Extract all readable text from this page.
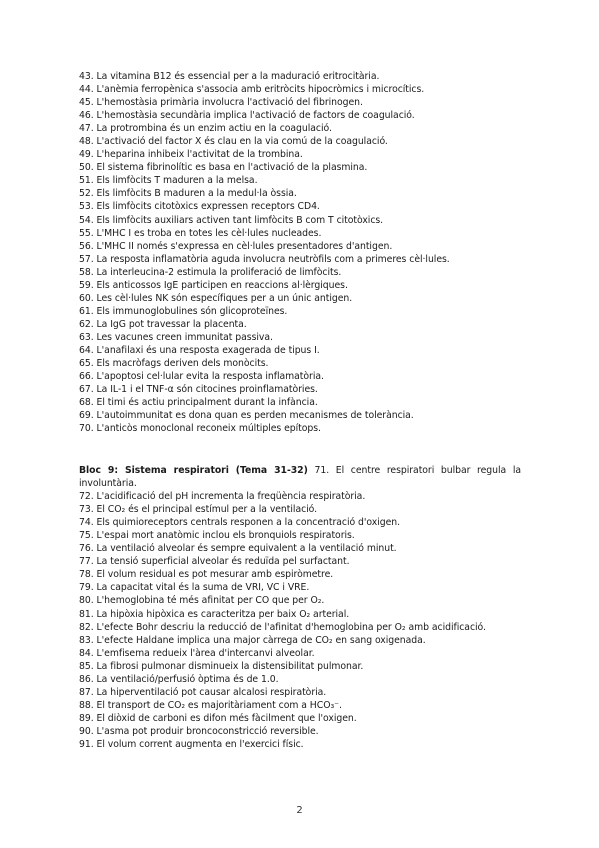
43. La vitamina B12 és essencial per a la maduració eritrocitària.
44. L'anèmia ferropènica s'associa amb eritròcits hipocròmics i microcítics.
45. L'hemostàsia primària involucra l'activació del fibrinogen.
46. L'hemostàsia secundària implica l'activació de factors de coagulació.
47. La protrombina és un enzim actiu en la coagulació.
48. L'activació del factor X és clau en la via comú de la coagulació.
49. L'heparina inhibeix l'activitat de la trombina.
50. El sistema fibrinolític es basa en l'activació de la plasmina.
51. Els limfòcits T maduren a la melsa.
52. Els limfòcits B maduren a la medul·la òssia.
53. Els limfòcits citotòxics expressen receptors CD4.
54. Els limfòcits auxiliars activen tant limfòcits B com T citotòxics.
55. L'MHC I es troba en totes les cèl·lules nucleades.
56. L'MHC II només s'expressa en cèl·lules presentadores d'antigen.
57. La resposta inflamatòria aguda involucra neutròfils com a primeres cèl·lules.
58. La interleucina-2 estimula la proliferació de limfòcits.
59. Els anticossos IgE participen en reaccions al·lèrgiques.
60. Les cèl·lules NK són específiques per a un únic antigen.
61. Els immunoglobulines són glicoproteïnes.
62. La IgG pot travessar la placenta.
63. Les vacunes creen immunitat passiva.
64. L'anafilaxi és una resposta exagerada de tipus I.
65. Els macròfags deriven dels monòcits.
66. L'apoptosi cel·lular evita la resposta inflamatòria.
67. La IL-1 i el TNF-α són citocines proinflamatòries.
68. El timi és actiu principalment durant la infància.
69. L'autoimmunitat es dona quan es perden mecanismes de tolerància.
70. L'anticòs monoclonal reconeix múltiples epítops.
Bloc 9: Sistema respiratori (Tema 31-32) 71. El centre respiratori bulbar regula la
involuntària.
72. L'acidificació del pH incrementa la freqüència respiratòria.
73. El CO₂ és el principal estímul per a la ventilació.
74. Els quimioreceptors centrals responen a la concentració d'oxigen.
75. L'espai mort anatòmic inclou els bronquiols respiratoris.
76. La ventilació alveolar és sempre equivalent a la ventilació minut.
77. La tensió superficial alveolar és reduïda pel surfactant.
78. El volum residual es pot mesurar amb espiròmetre.
79. La capacitat vital és la suma de VRI, VC i VRE.
80. L'hemoglobina té més afinitat per CO que per O₂.
81. La hipòxia hipòxica es caracteritza per baix O₂ arterial.
82. L'efecte Bohr descriu la reducció de l'afinitat d'hemoglobina per O₂ amb acidificació.
83. L'efecte Haldane implica una major càrrega de CO₂ en sang oxigenada.
84. L'emfisema redueix l'àrea d'intercanvi alveolar.
85. La fibrosi pulmonar disminueix la distensibilitat pulmonar.
86. La ventilació/perfusió òptima és de 1.0.
87. La hiperventilació pot causar alcalosi respiratòria.
88. El transport de CO₂ es majoritàriament com a HCO₃⁻.
89. El diòxid de carboni es difon més fàcilment que l'oxigen.
90. L'asma pot produir broncoconstricció reversible.
91. El volum corrent augmenta en l'exercici físic.
2
